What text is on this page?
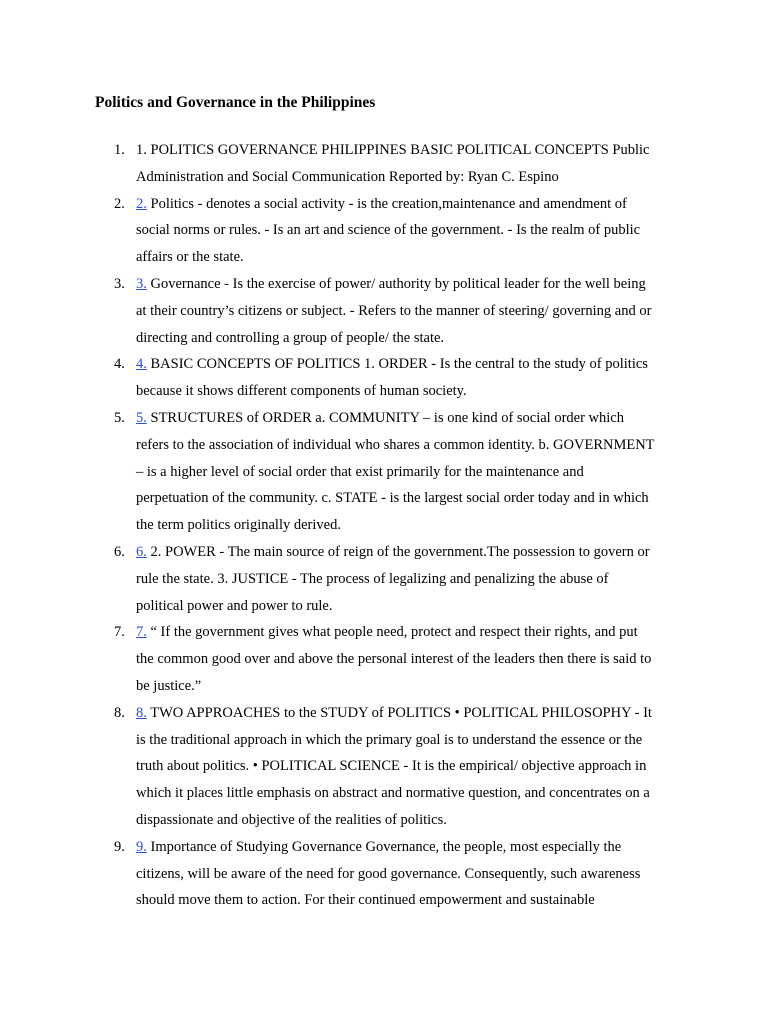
Politics and Governance in the Philippines
1. 1. POLITICS GOVERNANCE PHILIPPINES BASIC POLITICAL CONCEPTS Public
Administration and Social Communication Reported by: Ryan C. Espino
2. 2. Politics - denotes a social activity - is the creation,maintenance and amendment of
social norms or rules. - Is an art and science of the government. - Is the realm of public
affairs or the state.
3. 3. Governance - Is the exercise of power/ authority by political leader for the well being
at their country’s citizens or subject. - Refers to the manner of steering/ governing and or
directing and controlling a group of people/ the state.
4. 4. BASIC CONCEPTS OF POLITICS 1. ORDER - Is the central to the study of politics
because it shows different components of human society.
5. 5. STRUCTURES of ORDER a. COMMUNITY – is one kind of social order which
refers to the association of individual who shares a common identity. b. GOVERNMENT
– is a higher level of social order that exist primarily for the maintenance and
perpetuation of the community. c. STATE - is the largest social order today and in which
the term politics originally derived.
6. 6. 2. POWER - The main source of reign of the government.The possession to govern or
rule the state. 3. JUSTICE - The process of legalizing and penalizing the abuse of
political power and power to rule.
7. 7. “ If the government gives what people need, protect and respect their rights, and put
the common good over and above the personal interest of the leaders then there is said to
be justice.”
8. 8. TWO APPROACHES to the STUDY of POLITICS • POLITICAL PHILOSOPHY - It
is the traditional approach in which the primary goal is to understand the essence or the
truth about politics. • POLITICAL SCIENCE - It is the empirical/ objective approach in
which it places little emphasis on abstract and normative question, and concentrates on a
dispassionate and objective of the realities of politics.
9. 9. Importance of Studying Governance Governance, the people, most especially the
citizens, will be aware of the need for good governance. Consequently, such awareness
should move them to action. For their continued empowerment and sustainable
